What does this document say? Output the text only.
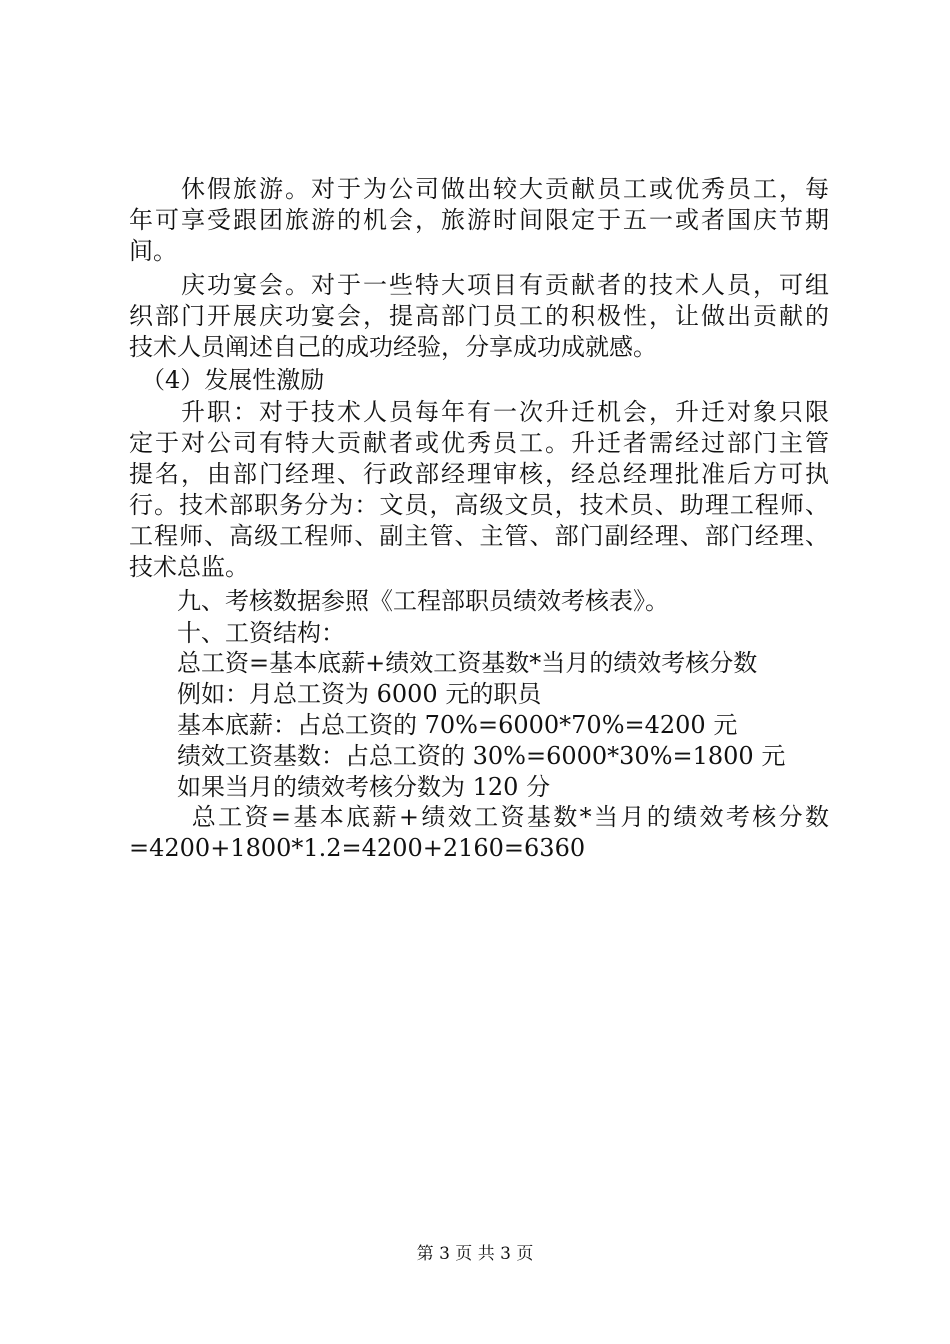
　　休假旅游。对于为公司做出较大贡献员工或优秀员工，每
年可享受跟团旅游的机会，旅游时间限定于五一或者国庆节期
间。
　　庆功宴会。对于一些特大项目有贡献者的技术人员，可组
织部门开展庆功宴会，提高部门员工的积极性，让做出贡献的
技术人员阐述自己的成功经验，分享成功成就感。
　（4）发展性激励
　　升职：对于技术人员每年有一次升迁机会，升迁对象只限
定于对公司有特大贡献者或优秀员工。升迁者需经过部门主管
提名，由部门经理、行政部经理审核，经总经理批准后方可执
行。技术部职务分为：文员，高级文员，技术员、助理工程师、
工程师、高级工程师、副主管、主管、部门副经理、部门经理、
技术总监。
　　九、考核数据参照《工程部职员绩效考核表》。
　　十、工资结构：
　　总工资=基本底薪+绩效工资基数*当月的绩效考核分数
　　例如：月总工资为 6000 元的职员
　　基本底薪：占总工资的 70%=6000*70%=4200 元
　　绩效工资基数：占总工资的 30%=6000*30%=1800 元
　　如果当月的绩效考核分数为 120 分
　　 总工资=基本底薪+绩效工资基数*当月的绩效考核分数
=4200+1800*1.2=4200+2160=6360
第 3 页 共 3 页
